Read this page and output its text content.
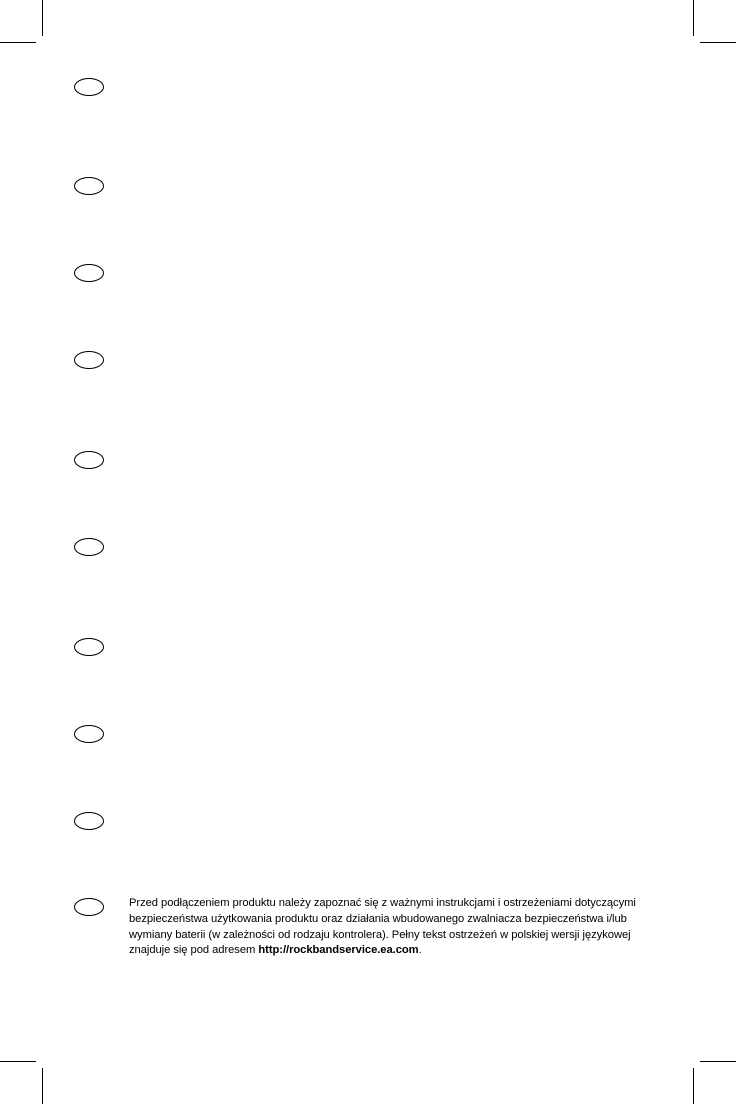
Przed podłączeniem produktu należy zapoznać się z ważnymi instrukcjami i ostrzeżeniami dotyczącymi
bezpieczeństwa użytkowania produktu oraz działania wbudowanego zwalniacza bezpieczeństwa i/lub
wymiany baterii (w zależności od rodzaju kontrolera). Pełny tekst ostrzeżeń w polskiej wersji językowej
znajduje się pod adresem http://rockbandservice.ea.com.
